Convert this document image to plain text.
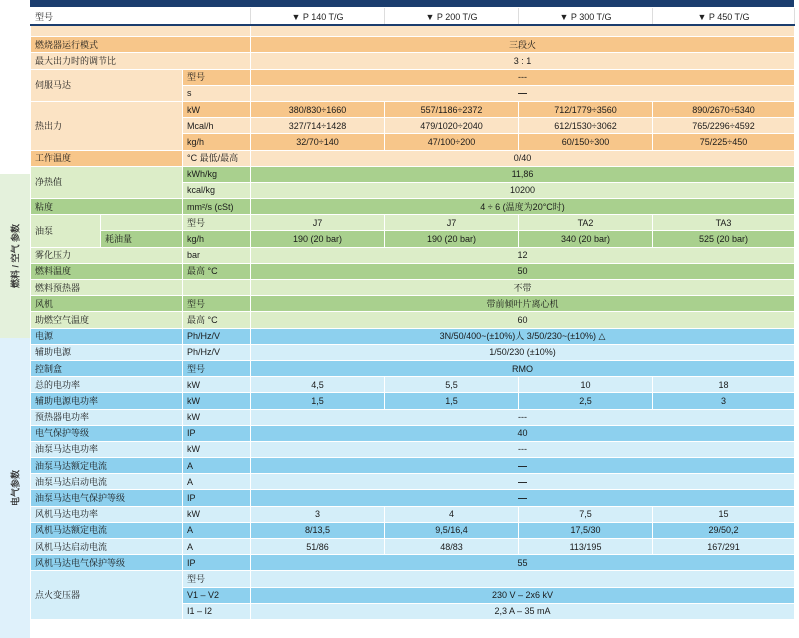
燃料 / 空气 参数
电气参数
型号			▼ P 140 T/G	▼ P 200 T/G	▼ P 300 T/G	▼ P 450 T/G

燃烧器运行模式			三段火			
最大出力时的调节比			3 : 1			
伺服马达		型号	---			
		s	—			
热出力		kW	380/830÷1660	557/1186÷2372	712/1779÷3560	890/2670÷5340
		Mcal/h	327/714÷1428	479/1020÷2040	612/1530÷3062	765/2296÷4592
		kg/h	32/70÷140	47/100÷200	60/150÷300	75/225÷450
工作温度		°C 最低/最高	0/40			
净热值		kWh/kg	11,86			
		kcal/kg	10200			
粘度		mm²/s (cSt)	4 ÷ 6 (温度为20°C时)			
油泵		型号	J7	J7	TA2	TA3
	耗油量	kg/h	190 (20 bar)	190 (20 bar)	340 (20 bar)	525 (20 bar)
雾化压力		bar	12			
燃料温度		最高 °C	50			
燃料预热器			不带			
风机		型号	带前倾叶片离心机			
助燃空气温度		最高 °C	60			
电源		Ph/Hz/V	3N/50/400~(±10%)人 3/50/230~(±10%) △			
辅助电源		Ph/Hz/V	1/50/230 (±10%)			
控制盒		型号	RMO			
总的电功率		kW	4,5	5,5	10	18
辅助电源电功率		kW	1,5	1,5	2,5	3
预热器电功率		kW	---			
电气保护等级		IP	40			
油泵马达电功率		kW	---			
油泵马达额定电流		A	—			
油泵马达启动电流		A	—			
油泵马达电气保护等级		IP	—			
风机马达电功率		kW	3	4	7,5	15
风机马达额定电流		A	8/13,5	9,5/16,4	17,5/30	29/50,2
风机马达启动电流		A	51/86	48/83	113/195	167/291
风机马达电气保护等级		IP	55			
点火变压器		型号				
		V1 – V2	230 V – 2x6 kV			
		I1 – I2	2,3 A – 35 mA			
